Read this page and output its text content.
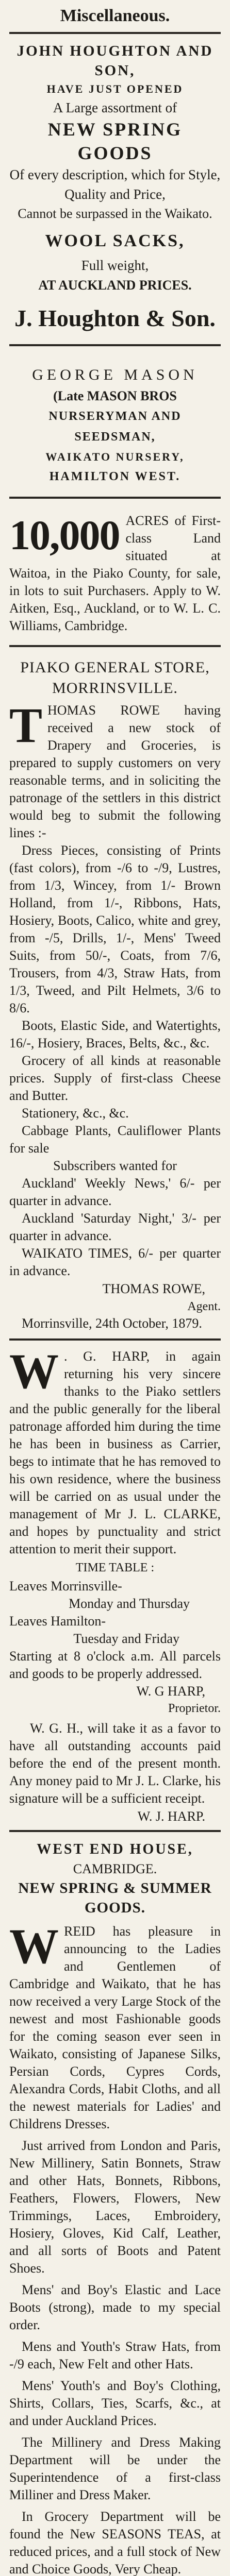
Miscellaneous.
JOHN HOUGHTON AND SON,
HAVE JUST OPENED
A Large assortment of
NEW SPRING GOODS
Of every description, which for Style,
Quality and Price,
Cannot be surpassed in the Waikato.
WOOL SACKS,
Full weight,
AT AUCKLAND PRICES.
J. Houghton & Son.
GEORGE MASON
(Late MASON BROS
NURSERYMAN AND SEEDSMAN,
WAIKATO NURSERY,
HAMILTON WEST.
10,000 ACRES of First-class Land situated at Waitoa, in the Piako County, for sale, in lots to suit Purchasers. Apply to W. Aitken, Esq., Auckland, or to W. L. C. Williams, Cambridge.

PIAKO GENERAL STORE,
MORRINSVILLE.
T HOMAS ROWE having received a new stock of Drapery and Groceries, is prepared to supply customers on very reasonable terms, and in soliciting the patronage of the settlers in this district would beg to submit the following lines :-

Dress Pieces, consisting of Prints (fast colors), from -/6 to -/9, Lustres, from 1/3, Wincey, from 1/- Brown Holland, from 1/-, Ribbons, Hats, Hosiery, Boots, Calico, white and grey, from -/5, Drills, 1/-, Mens' Tweed Suits, from 50/-, Coats, from 7/6, Trousers, from 4/3, Straw Hats, from 1/3, Tweed, and Pilt Helmets, 3/6 to 8/6.

Boots, Elastic Side, and Watertights, 16/-, Hosiery, Braces, Belts, &c., &c.

Grocery of all kinds at reasonable prices. Supply of first-class Cheese and Butter.

Stationery, &c., &c.

Cabbage Plants, Cauliflower Plants for sale

Subscribers wanted for

Auckland' Weekly News,' 6/- per quarter in advance.

Auckland 'Saturday Night,' 3/- per quarter in advance.

WAIKATO TIMES, 6/- per quarter in advance.

THOMAS ROWE,
Agent.

Morrinsville, 24th October, 1879.

W . G. HARP, in again returning his very sincere thanks to the Piako settlers and the public generally for the liberal patronage afforded him during the time he has been in business as Carrier, begs to intimate that he has removed to his own residence, where the business will be carried on as usual under the management of Mr J. L. CLARKE, and hopes by punctuality and strict attention to merit their support.

TIME TABLE :
Leaves Morrinsville-
Monday and Thursday
Leaves Hamilton-
Tuesday and Friday

Starting at 8 o'clock a.m. All parcels and goods to be properly addressed.

W. G HARP,
Proprietor.

W. G. H., will take it as a favor to have all outstanding accounts paid before the end of the present month. Any money paid to Mr J. L. Clarke, his signature will be a sufficient receipt.

W. J. HARP.
WEST END HOUSE,
CAMBRIDGE.
NEW SPRING & SUMMER GOODS.
W REID has pleasure in announcing to the Ladies and Gentlemen of Cambridge and Waikato, that he has now received a very Large Stock of the newest and most Fashionable goods for the coming season ever seen in Waikato, consisting of Japanese Silks, Persian Cords, Cypres Cords, Alexandra Cords, Habit Cloths, and all the newest materials for Ladies' and Childrens Dresses.

Just arrived from London and Paris, New Millinery, Satin Bonnets, Straw and other Hats, Bonnets, Ribbons, Feathers, Flowers, Flowers, New Trimmings, Laces, Embroidery, Hosiery, Gloves, Kid Calf, Leather, and all sorts of Boots and Patent Shoes.

Mens' and Boy's Elastic and Lace Boots (strong), made to my special order.

Mens and Youth's Straw Hats, from -/9 each, New Felt and other Hats.

Mens' Youth's and Boy's Clothing, Shirts, Collars, Ties, Scarfs, &c., at and under Auckland Prices.

The Millinery and Dress Making Department will be under the Superintendence of a first-class Milliner and Dress Maker.

In Grocery Department will be found the New SEASONS TEAS, at reduced prices, and a full stock of New and Choice Goods, Very Cheap.
